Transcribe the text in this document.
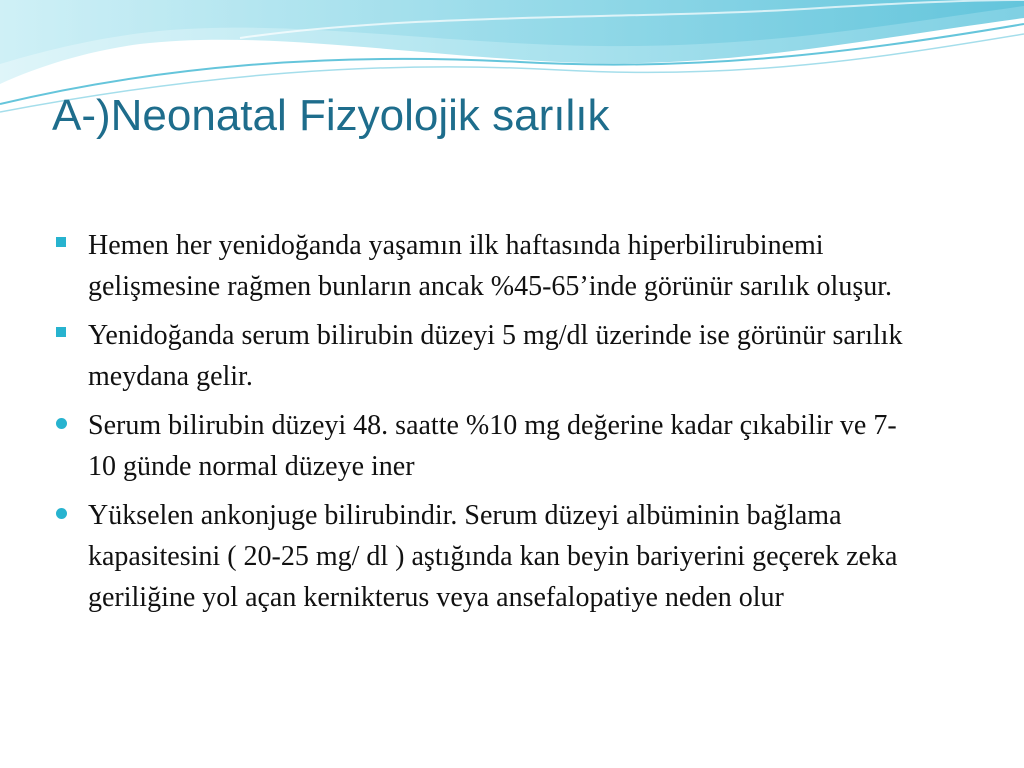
A-)Neonatal Fizyolojik sarılık
Hemen her yenidoğanda yaşamın ilk haftasında hiperbilirubinemi gelişmesine rağmen bunların ancak %45-65’inde görünür sarılık oluşur.
Yenidoğanda serum bilirubin düzeyi 5 mg/dl üzerinde ise görünür sarılık meydana gelir.
Serum bilirubin düzeyi 48. saatte %10 mg değerine kadar çıkabilir ve 7-10 günde normal düzeye iner
Yükselen ankonjuge bilirubindir. Serum düzeyi albüminin bağlama kapasitesini ( 20-25 mg/ dl ) aştığında kan beyin bariyerini geçerek zeka geriliğine yol açan kernikterus veya ansefalopatiye neden olur
